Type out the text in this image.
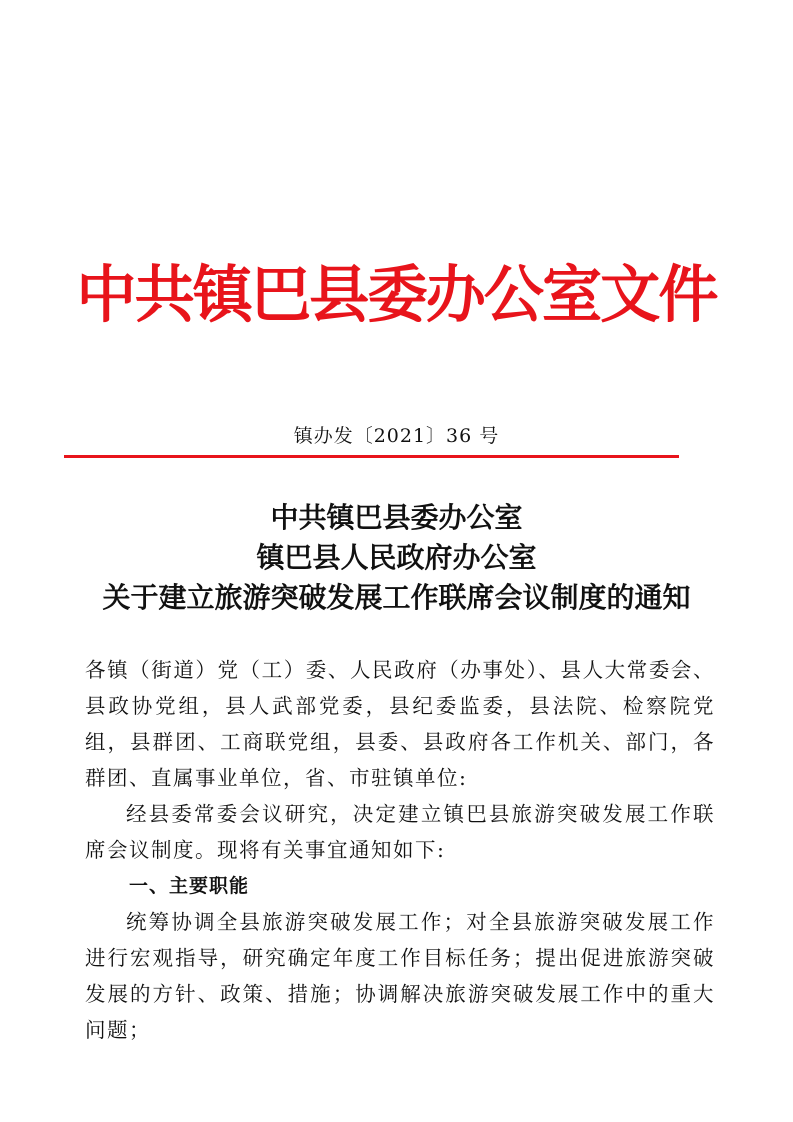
中共镇巴县委办公室文件
镇办发〔2021〕36 号
中共镇巴县委办公室
镇巴县人民政府办公室
关于建立旅游突破发展工作联席会议制度的通知

各镇（街道）党（工）委、人民政府（办事处）、县人大常委会、县政协党组，县人武部党委，县纪委监委，县法院、检察院党组，县群团、工商联党组，县委、县政府各工作机关、部门，各群团、直属事业单位，省、市驻镇单位:

经县委常委会议研究，决定建立镇巴县旅游突破发展工作联席会议制度。现将有关事宜通知如下:

一、主要职能

统筹协调全县旅游突破发展工作；对全县旅游突破发展工作进行宏观指导，研究确定年度工作目标任务；提出促进旅游突破发展的方针、政策、措施；协调解决旅游突破发展工作中的重大问题；
